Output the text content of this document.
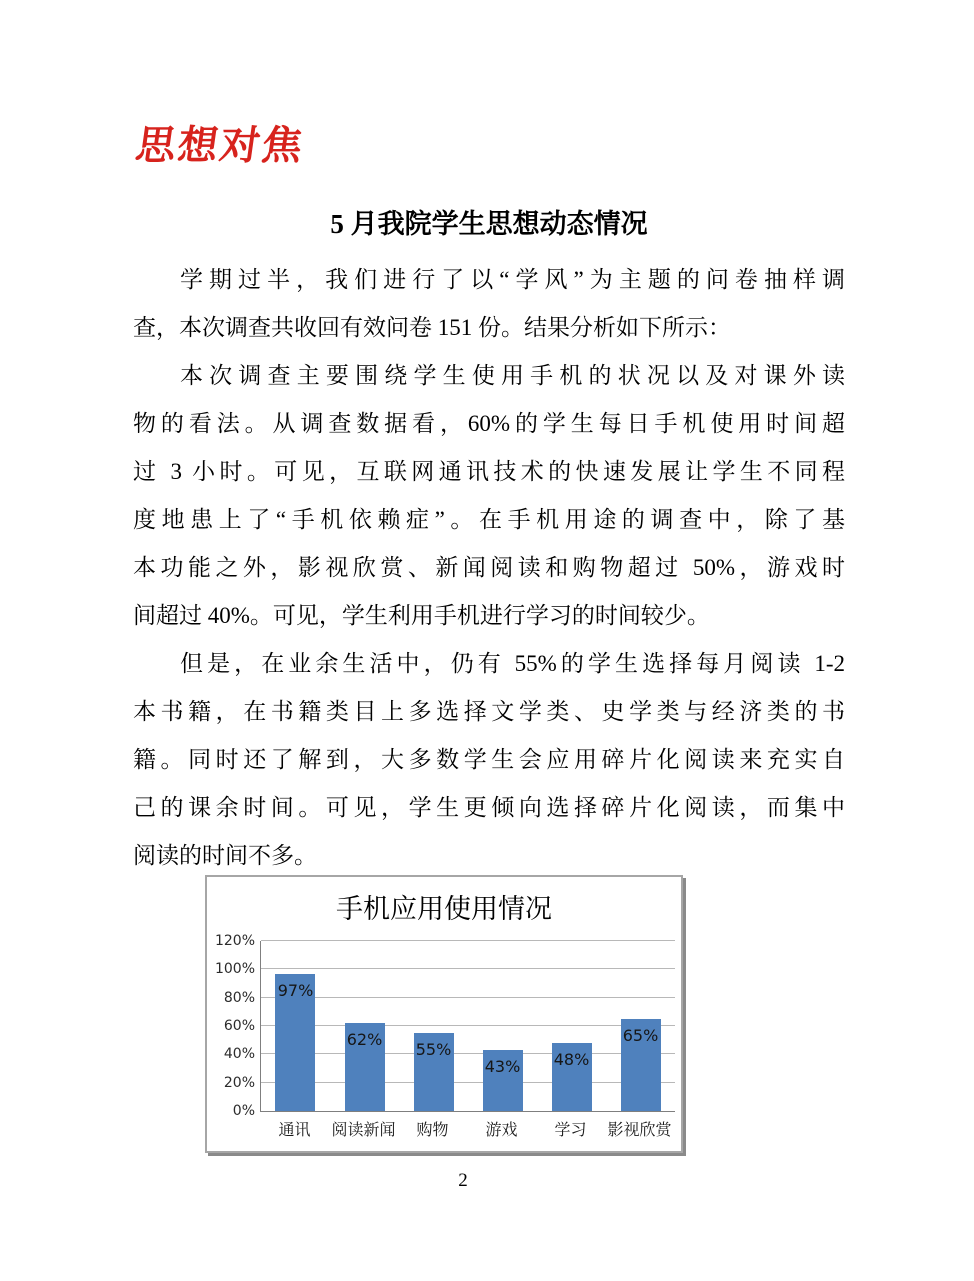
思想对焦
5 月我院学生思想动态情况
学期过半，我们进行了以“学风”为主题的问卷抽样调
查，本次调查共收回有效问卷 151 份。结果分析如下所示：
本次调查主要围绕学生使用手机的状况以及对课外读
物的看法。从调查数据看，60%的学生每日手机使用时间超
过 3 小时。可见，互联网通讯技术的快速发展让学生不同程
度地患上了“手机依赖症”。在手机用途的调查中，除了基
本功能之外，影视欣赏、新闻阅读和购物超过 50%，游戏时
间超过 40%。可见，学生利用手机进行学习的时间较少。
但是，在业余生活中，仍有 55%的学生选择每月阅读 1-2
本书籍，在书籍类目上多选择文学类、史学类与经济类的书
籍。同时还了解到，大多数学生会应用碎片化阅读来充实自
己的课余时间。可见，学生更倾向选择碎片化阅读，而集中
阅读的时间不多。
手机应用使用情况
0%
20%
40%
60%
80%
100%
120%
97%
62%
55%
43% 48%
65%
通讯	阅读新闻	购物	游戏	学习	影视欣赏
2
